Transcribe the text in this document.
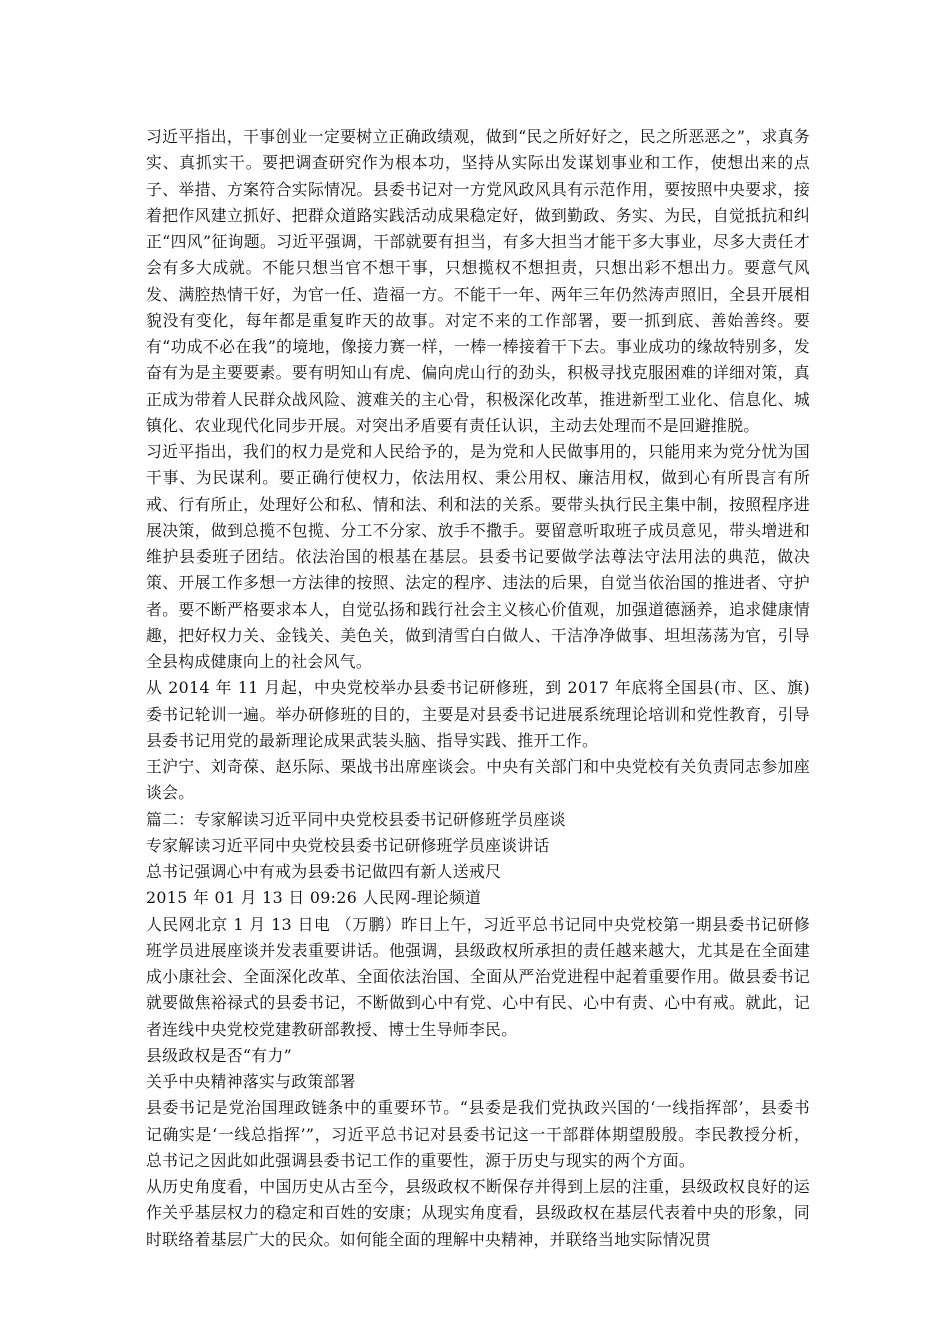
习近平指出，干事创业一定要树立正确政绩观，做到“民之所好好之，民之所恶恶之”，求真务实、真抓实干。要把调查研究作为根本功，坚持从实际出发谋划事业和工作，使想出来的点子、举措、方案符合实际情况。县委书记对一方党风政风具有示范作用，要按照中央要求，接着把作风建立抓好、把群众道路实践活动成果稳定好，做到勤政、务实、为民，自觉抵抗和纠正“四风”征询题。习近平强调，干部就要有担当，有多大担当才能干多大事业，尽多大责任才会有多大成就。不能只想当官不想干事，只想揽权不想担责，只想出彩不想出力。要意气风发、满腔热情干好，为官一任、造福一方。不能干一年、两年三年仍然涛声照旧，全县开展相貌没有变化，每年都是重复昨天的故事。对定不来的工作部署，要一抓到底、善始善终。要有“功成不必在我”的境地，像接力赛一样，一棒一棒接着干下去。事业成功的缘故特别多，发奋有为是主要要素。要有明知山有虎、偏向虎山行的劲头，积极寻找克服困难的详细对策，真正成为带着人民群众战风险、渡难关的主心骨，积极深化改革，推进新型工业化、信息化、城镇化、农业现代化同步开展。对突出矛盾要有责任认识，主动去处理而不是回避推脱。

习近平指出，我们的权力是党和人民给予的，是为党和人民做事用的，只能用来为党分忧为国干事、为民谋利。要正确行使权力，依法用权、秉公用权、廉洁用权，做到心有所畏言有所戒、行有所止，处理好公和私、情和法、利和法的关系。要带头执行民主集中制，按照程序进展决策，做到总揽不包揽、分工不分家、放手不撒手。要留意听取班子成员意见，带头增进和维护县委班子团结。依法治国的根基在基层。县委书记要做学法尊法守法用法的典范，做决策、开展工作多想一方法律的按照、法定的程序、违法的后果，自觉当依治国的推进者、守护者。要不断严格要求本人，自觉弘扬和践行社会主义核心价值观，加强道德涵养，追求健康情趣，把好权力关、金钱关、美色关，做到清雪白白做人、干洁净净做事、坦坦荡荡为官，引导全县构成健康向上的社会风气。

从 2014 年 11 月起，中央党校举办县委书记研修班，到 2017 年底将全国县(市、区、旗)委书记轮训一遍。举办研修班的目的，主要是对县委书记进展系统理论培训和党性教育，引导县委书记用党的最新理论成果武装头脑、指导实践、推开工作。

王沪宁、刘奇葆、赵乐际、栗战书出席座谈会。中央有关部门和中央党校有关负责同志参加座谈会。

篇二：专家解读习近平同中央党校县委书记研修班学员座谈

专家解读习近平同中央党校县委书记研修班学员座谈讲话

总书记强调心中有戒为县委书记做四有新人送戒尺

2015 年 01 月 13 日 09:26 人民网-理论频道

人民网北京 1 月 13 日电 （万鹏）昨日上午，习近平总书记同中央党校第一期县委书记研修班学员进展座谈并发表重要讲话。他强调，县级政权所承担的责任越来越大，尤其是在全面建成小康社会、全面深化改革、全面依法治国、全面从严治党进程中起着重要作用。做县委书记就要做焦裕禄式的县委书记，不断做到心中有党、心中有民、心中有责、心中有戒。就此，记者连线中央党校党建教研部教授、博士生导师李民。

县级政权是否“有力”

关乎中央精神落实与政策部署

县委书记是党治国理政链条中的重要环节。“县委是我们党执政兴国的‘一线指挥部’，县委书记确实是‘一线总指挥’”，习近平总书记对县委书记这一干部群体期望殷殷。李民教授分析，总书记之因此如此强调县委书记工作的重要性，源于历史与现实的两个方面。

从历史角度看，中国历史从古至今，县级政权不断保存并得到上层的注重，县级政权良好的运作关乎基层权力的稳定和百姓的安康；从现实角度看，县级政权在基层代表着中央的形象，同时联络着基层广大的民众。如何能全面的理解中央精神，并联络当地实际情况贯
